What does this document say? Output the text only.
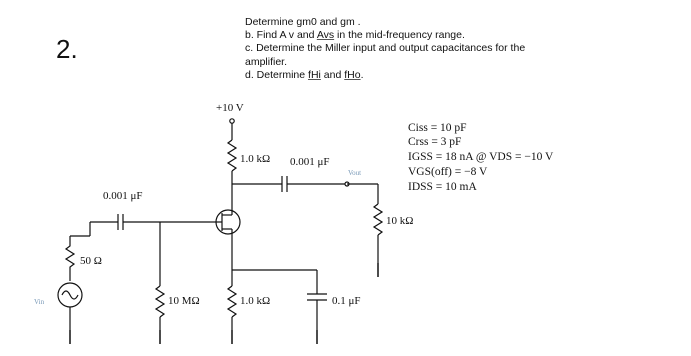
2.
Determine gm0 and gm .
b. Find A v and Avs in the mid-frequency range.
c. Determine the Miller input and output capacitances for the
amplifier.
d. Determine fHi and fHo.
+10 V
1.0 kΩ 0.001 μF
Vout
0.001 μF
50 Ω
Vin	10 MΩ	1.0 kΩ	0.1 μF
10 kΩ
Ciss = 10 pF
Crss = 3 pF
IGSS = 18 nA @ VDS = −10 V
VGS(off) = −8 V
IDSS = 10 mA
